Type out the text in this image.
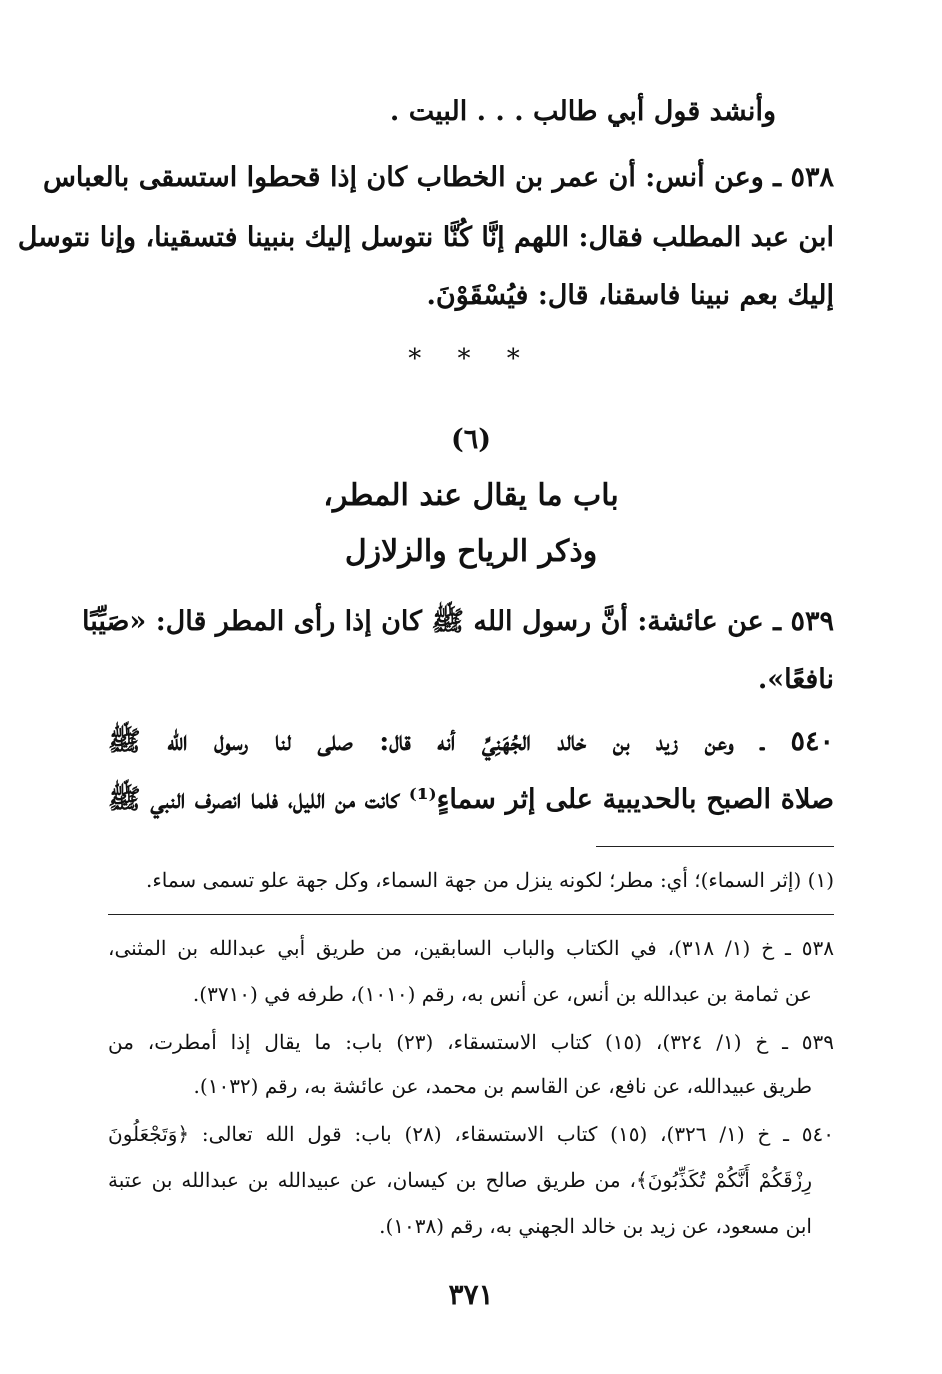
وأنشد قول أبي طالب . . . البيت .
٥٣٨ ـ وعن أنس: أن عمر بن الخطاب كان إذا قحطوا استسقى بالعباس
ابن عبد المطلب فقال: اللهم إنَّا كُنَّا نتوسل إليك بنبينا فتسقينا، وإنا نتوسل
إليك بعم نبينا فاسقنا، قال: فيُسْقَوْنَ.
* * *
(٦)
باب ما يقال عند المطر،
وذكر الرياح والزلازل
٥٣٩ ـ عن عائشة: أنَّ رسول الله ﷺ كان إذا رأى المطر قال: «صَيِّبًا
نافعًا».
٥٤٠ ـ وعن زيد بن خالد الجُهَنِيِّ أنه قال: صلى لنا رسول الله ﷺ
صلاة الصبح بالحديبية على إثر سماءٍ⁽¹⁾ كانت من الليل، فلما انصرف النبي ﷺ
(١) (إثر السماء)؛ أي: مطر؛ لكونه ينزل من جهة السماء، وكل جهة علو تسمى سماء.
٥٣٨ ـ خ (١/ ٣١٨)، في الكتاب والباب السابقين، من طريق أبي عبدالله بن المثنى،
عن ثمامة بن عبدالله بن أنس، عن أنس به، رقم (١٠١٠)، طرفه في (٣٧١٠).
٥٣٩ ـ خ (١/ ٣٢٤)، (١٥) كتاب الاستسقاء، (٢٣) باب: ما يقال إذا أمطرت، من
طريق عبيدالله، عن نافع، عن القاسم بن محمد، عن عائشة به، رقم (١٠٣٢).
٥٤٠ ـ خ (١/ ٣٢٦)، (١٥) كتاب الاستسقاء، (٢٨) باب: قول الله تعالى: ﴿وَتَجْعَلُونَ
رِزْقَكُمْ أَنَّكُمْ تُكَذِّبُونَ﴾، من طريق صالح بن كيسان، عن عبيدالله بن عبدالله بن عتبة
ابن مسعود، عن زيد بن خالد الجهني به، رقم (١٠٣٨).
٣٧١
